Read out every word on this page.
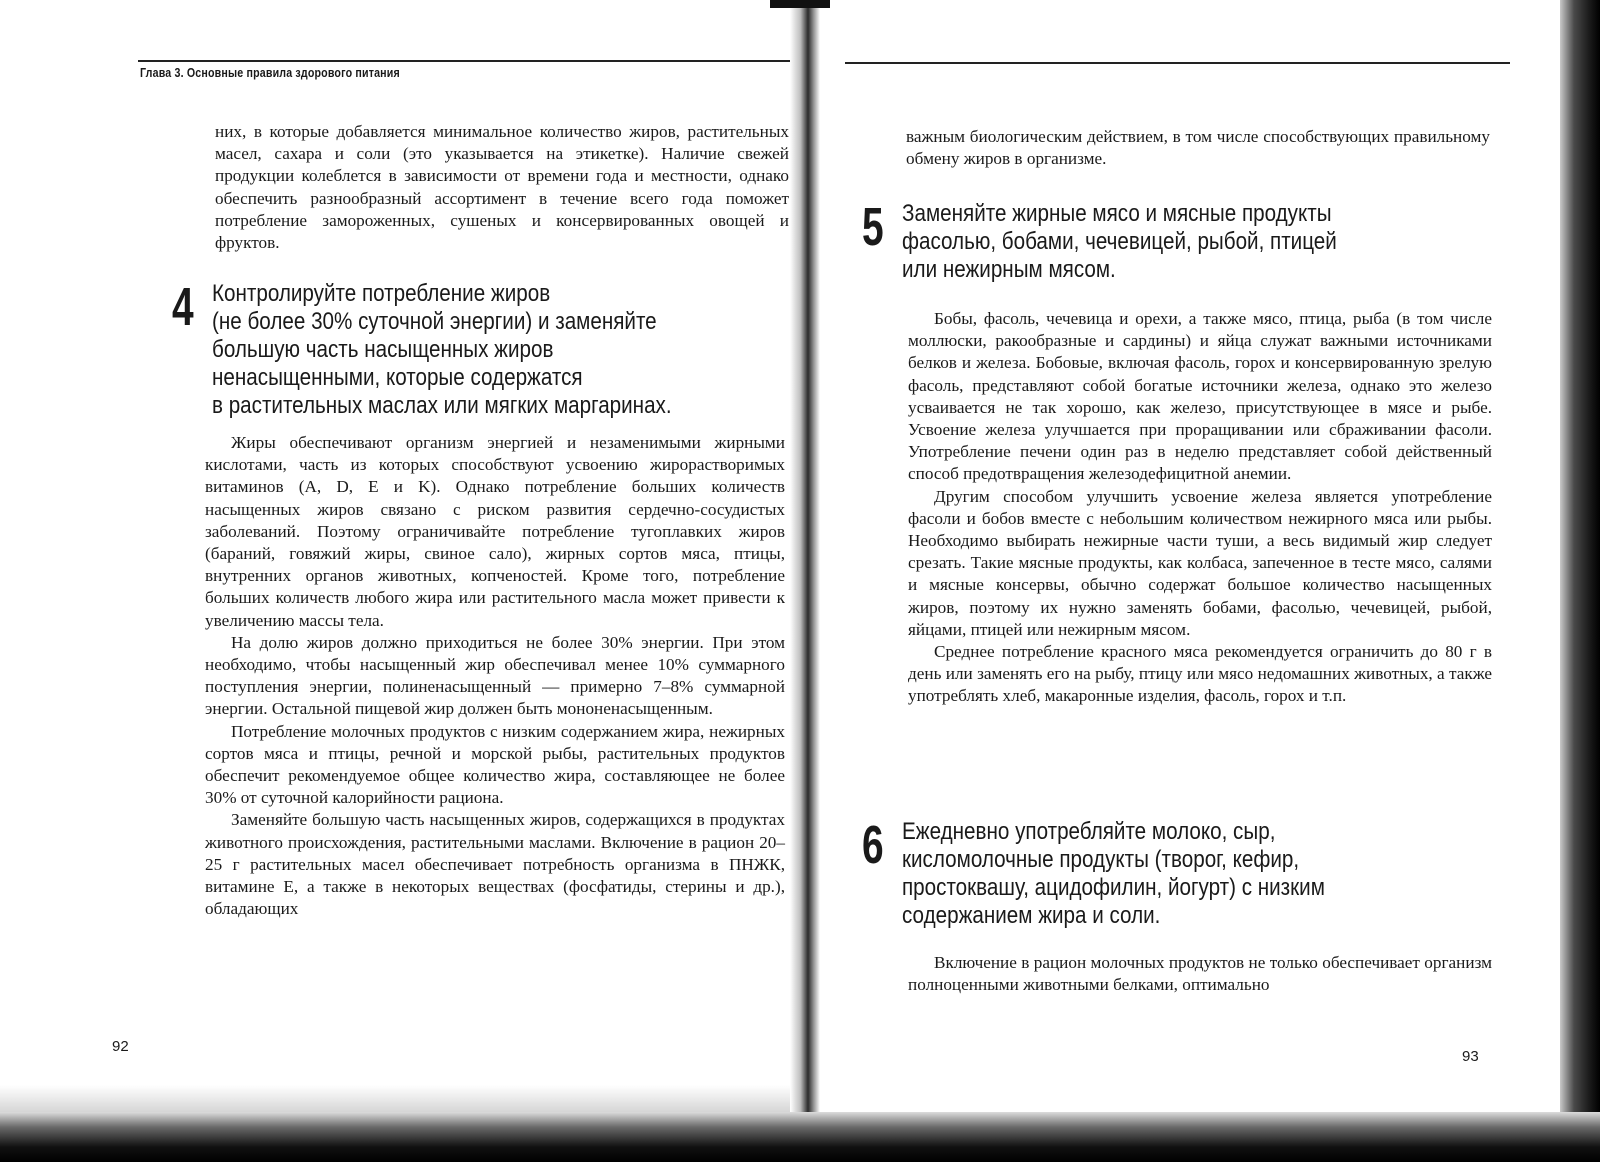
Глава 3. Основные правила здорового питания

них, в которые добавляется минимальное количество жиров, растительных масел, сахара и соли (это указывается на этикетке). Наличие свежей продукции колеблется в зависимости от времени года и местности, однако обеспечить разнообразный ассортимент в течение всего года поможет потребление замороженных, сушеных и консервированных овощей и фруктов.

4 Контролируйте потребление жиров
(не более 30% суточной энергии) и заменяйте
большую часть насыщенных жиров
ненасыщенными, которые содержатся
в растительных маслах или мягких маргаринах.

Жиры обеспечивают организм энергией и незаменимыми жирными кислотами, часть из которых способствуют усвоению жирорастворимых витаминов (А, D, E и K). Однако потребление больших количеств насыщенных жиров связано с риском развития сердечно-сосудистых заболеваний. Поэтому ограничивайте потребление тугоплавких жиров (бараний, говяжий жиры, свиное сало), жирных сортов мяса, птицы, внутренних органов животных, копченостей. Кроме того, потребление больших количеств любого жира или растительного масла может привести к увеличению массы тела.

На долю жиров должно приходиться не более 30% энергии. При этом необходимо, чтобы насыщенный жир обеспечивал менее 10% суммарного поступления энергии, полиненасыщенный — примерно 7–8% суммарной энергии. Остальной пищевой жир должен быть мононенасыщенным.

Потребление молочных продуктов с низким содержанием жира, нежирных сортов мяса и птицы, речной и морской рыбы, растительных продуктов обеспечит рекомендуемое общее количество жира, составляющее не более 30% от суточной калорийности рациона.

Заменяйте большую часть насыщенных жиров, содержащихся в продуктах животного происхождения, растительными маслами. Включение в рацион 20–25 г растительных масел обеспечивает потребность организма в ПНЖК, витамине Е, а также в некоторых веществах (фосфатиды, стерины и др.), обладающих

92

важным биологическим действием, в том числе способствующих правильному обмену жиров в организме.

5 Заменяйте жирные мясо и мясные продукты
фасолью, бобами, чечевицей, рыбой, птицей
или нежирным мясом.

Бобы, фасоль, чечевица и орехи, а также мясо, птица, рыба (в том числе моллюски, ракообразные и сардины) и яйца служат важными источниками белков и железа. Бобовые, включая фасоль, горох и консервированную зрелую фасоль, представляют собой богатые источники железа, однако это железо усваивается не так хорошо, как железо, присутствующее в мясе и рыбе. Усвоение железа улучшается при проращивании или сбраживании фасоли. Употребление печени один раз в неделю представляет собой действенный способ предотвращения железодефицитной анемии.

Другим способом улучшить усвоение железа является употребление фасоли и бобов вместе с небольшим количеством нежирного мяса или рыбы. Необходимо выбирать нежирные части туши, а весь видимый жир следует срезать. Такие мясные продукты, как колбаса, запеченное в тесте мясо, салями и мясные консервы, обычно содержат большое количество насыщенных жиров, поэтому их нужно заменять бобами, фасолью, чечевицей, рыбой, яйцами, птицей или нежирным мясом.

Среднее потребление красного мяса рекомендуется ограничить до 80 г в день или заменять его на рыбу, птицу или мясо недомашних животных, а также употреблять хлеб, макаронные изделия, фасоль, горох и т.п.

6 Ежедневно употребляйте молоко, сыр,
кисломолочные продукты (творог, кефир,
простоквашу, ацидофилин, йогурт) с низким
содержанием жира и соли.

Включение в рацион молочных продуктов не только обеспечивает организм полноценными животными белками, оптимально

93
